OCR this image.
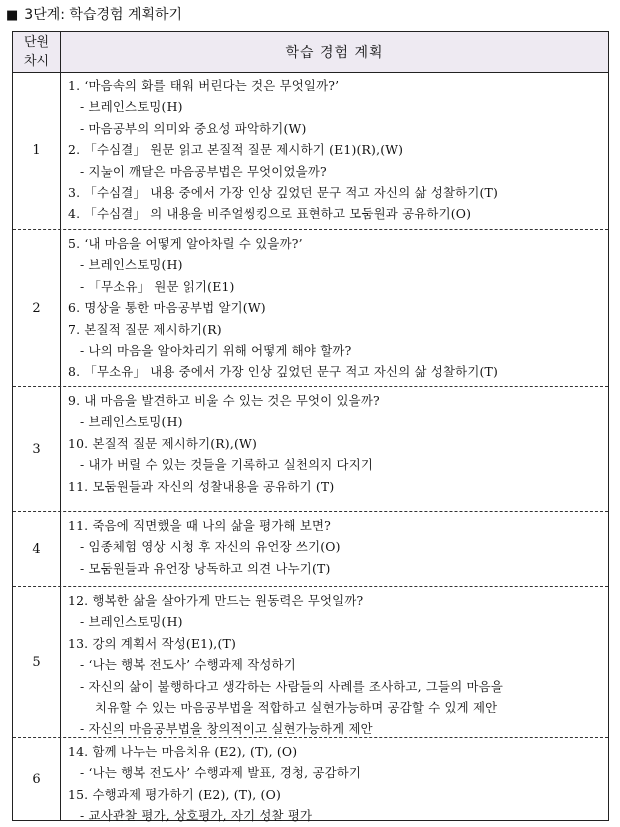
■ 3단계: 학습경험 계획하기
단원
차시
학습 경험 계획
1
1. ‘마음속의 화를 태워 버린다는 것은 무엇일까?’
- 브레인스토밍(H)
- 마음공부의 의미와 중요성 파악하기(W)
2. 「수심결」 원문 읽고 본질적 질문 제시하기 (E1)(R),(W)
- 지눌이 깨달은 마음공부법은 무엇이었을까?
3. 「수심결」 내용 중에서 가장 인상 깊었던 문구 적고 자신의 삶 성찰하기(T)
4. 「수심결」 의 내용을 비주얼씽킹으로 표현하고 모둠원과 공유하기(O)
2
5. ‘내 마음을 어떻게 알아차릴 수 있을까?’
- 브레인스토밍(H)
- 「무소유」 원문 읽기(E1)
6. 명상을 통한 마음공부법 알기(W)
7. 본질적 질문 제시하기(R)
- 나의 마음을 알아차리기 위해 어떻게 해야 할까?
8. 「무소유」 내용 중에서 가장 인상 깊었던 문구 적고 자신의 삶 성찰하기(T)
3
9. 내 마음을 발견하고 비울 수 있는 것은 무엇이 있을까?
- 브레인스토밍(H)
10. 본질적 질문 제시하기(R),(W)
- 내가 버릴 수 있는 것들을 기록하고 실천의지 다지기
11. 모둠원들과 자신의 성찰내용을 공유하기 (T)
4
11. 죽음에 직면했을 때 나의 삶을 평가해 보면?
- 임종체험 영상 시청 후 자신의 유언장 쓰기(O)
- 모둠원들과 유언장 낭독하고 의견 나누기(T)
5
12. 행복한 삶을 살아가게 만드는 원동력은 무엇일까?
- 브레인스토밍(H)
13. 강의 계획서 작성(E1),(T)
- ‘나는 행복 전도사’ 수행과제 작성하기
- 자신의 삶이 불행하다고 생각하는 사람들의 사례를 조사하고, 그들의 마음을
치유할 수 있는 마음공부법을 적합하고 실현가능하며 공감할 수 있게 제안
- 자신의 마음공부법을 창의적이고 실현가능하게 제안
6
14. 함께 나누는 마음치유 (E2), (T), (O)
- ‘나는 행복 전도사’ 수행과제 발표, 경청, 공감하기
15. 수행과제 평가하기 (E2), (T), (O)
- 교사관찰 평가, 상호평가, 자기 성찰 평가
